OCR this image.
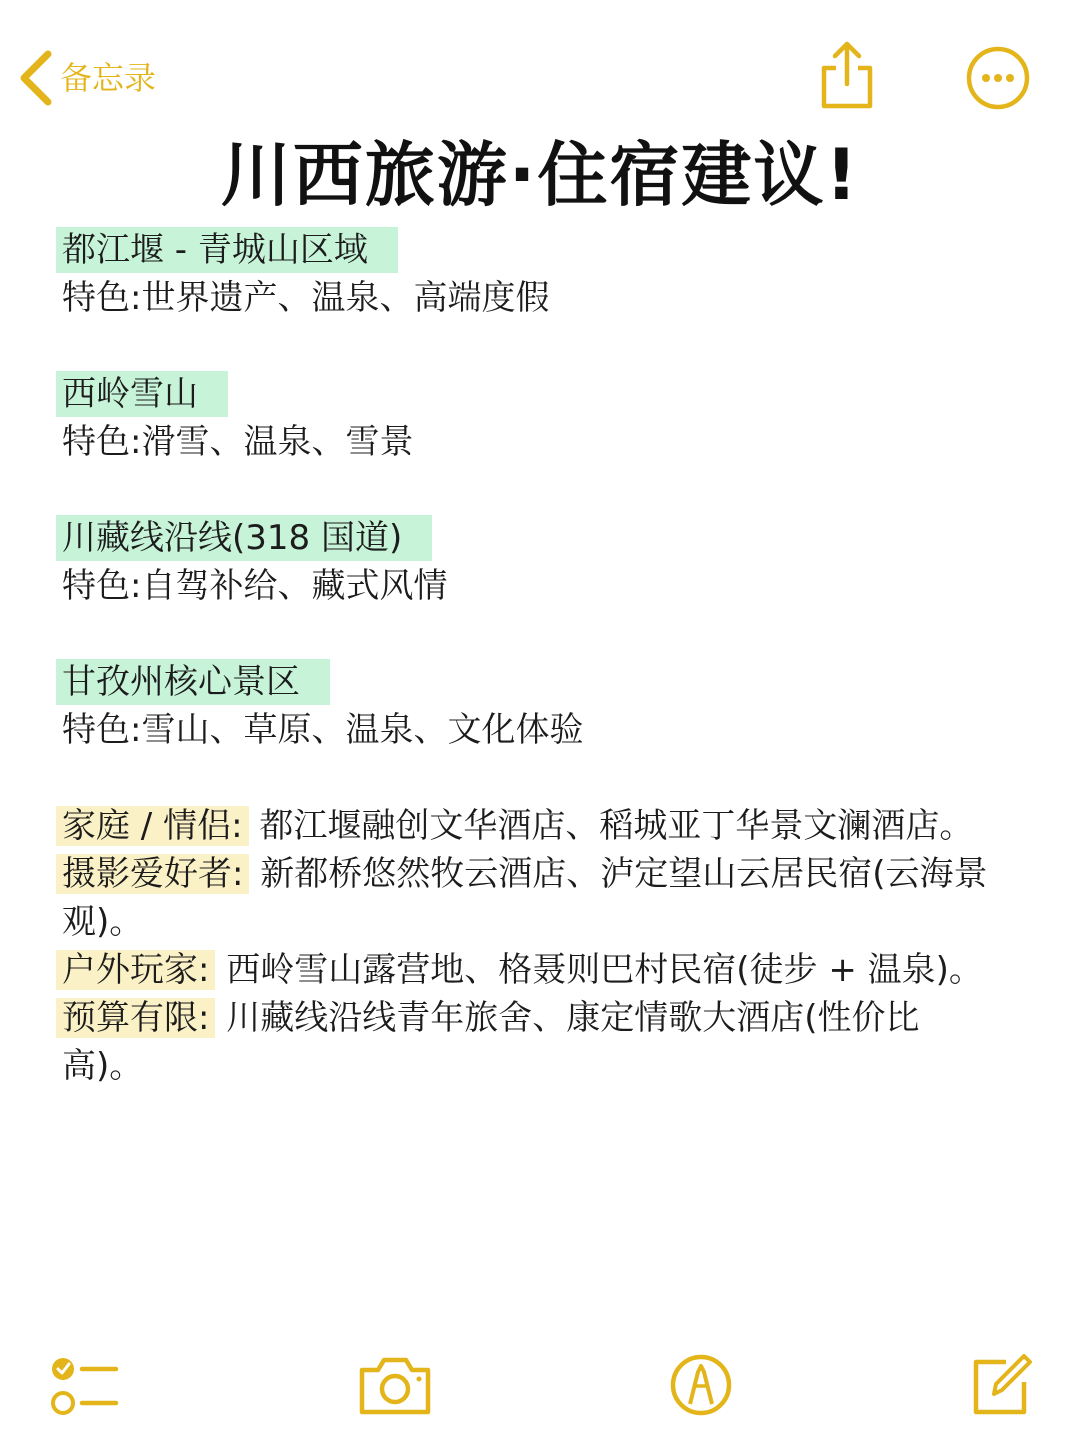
备忘录
川西旅游·住宿建议!
都江堰 - 青城山区域
特色:世界遗产、温泉、高端度假
西岭雪山
特色:滑雪、温泉、雪景
川藏线沿线(318 国道)
特色:自驾补给、藏式风情
甘孜州核心景区
特色:雪山、草原、温泉、文化体验

家庭 / 情侣: 都江堰融创文华酒店、稻城亚丁华景文澜酒店。

摄影爱好者: 新都桥悠然牧云酒店、泸定望山云居民宿(云海景观)。

户外玩家: 西岭雪山露营地、格聂则巴村民宿(徒步 + 温泉)。

预算有限: 川藏线沿线青年旅舍、康定情歌大酒店(性价比高)。
